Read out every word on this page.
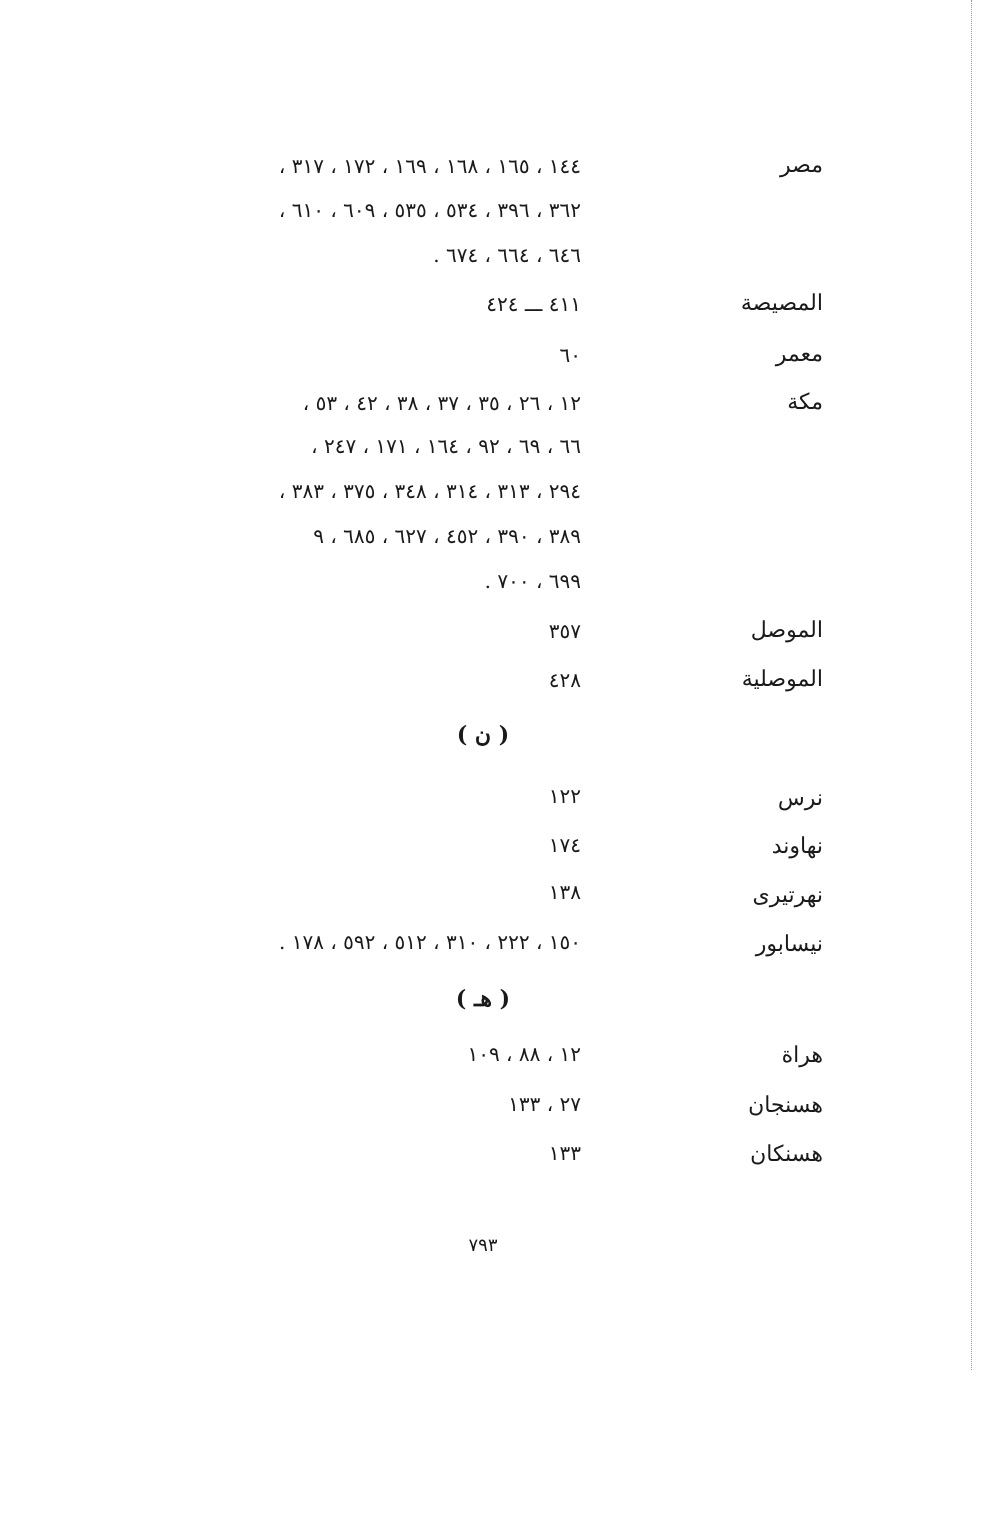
مصر
١٤٤ ، ١٦٥ ، ١٦٨ ، ١٦٩ ، ١٧٢ ، ٣١٧ ،
٣٦٢ ، ٣٩٦ ، ٥٣٤ ، ٥٣٥ ، ٦٠٩ ، ٦١٠ ،
٦٤٦ ، ٦٦٤ ، ٦٧٤ .
المصيصة
٤١١ ـــ ٤٢٤
معمر
٦٠
مكة
١٢ ، ٢٦ ، ٣٥ ، ٣٧ ، ٣٨ ، ٤٢ ، ٥٣ ،
٦٦ ، ٦٩ ، ٩٢ ، ١٦٤ ، ١٧١ ، ٢٤٧ ،
٢٩٤ ، ٣١٣ ، ٣١٤ ، ٣٤٨ ، ٣٧٥ ، ٣٨٣ ،
٣٨٩ ، ٣٩٠ ، ٤٥٢ ، ٦٢٧ ، ٦٨٥ ، ٩
٦٩٩ ، ٧٠٠ .
الموصل
٣٥٧
الموصلية
٤٢٨
( ن )
نرس
١٢٢
نهاوند
١٧٤
نهرتيرى
١٣٨
نيسابور
١٥٠ ، ٢٢٢ ، ٣١٠ ، ٥١٢ ، ٥٩٢ ، ١٧٨ .
( هـ )
هراة
١٢ ، ٨٨ ، ١٠٩
هسنجان
٢٧ ، ١٣٣
هسنكان
١٣٣
٧٩٣
